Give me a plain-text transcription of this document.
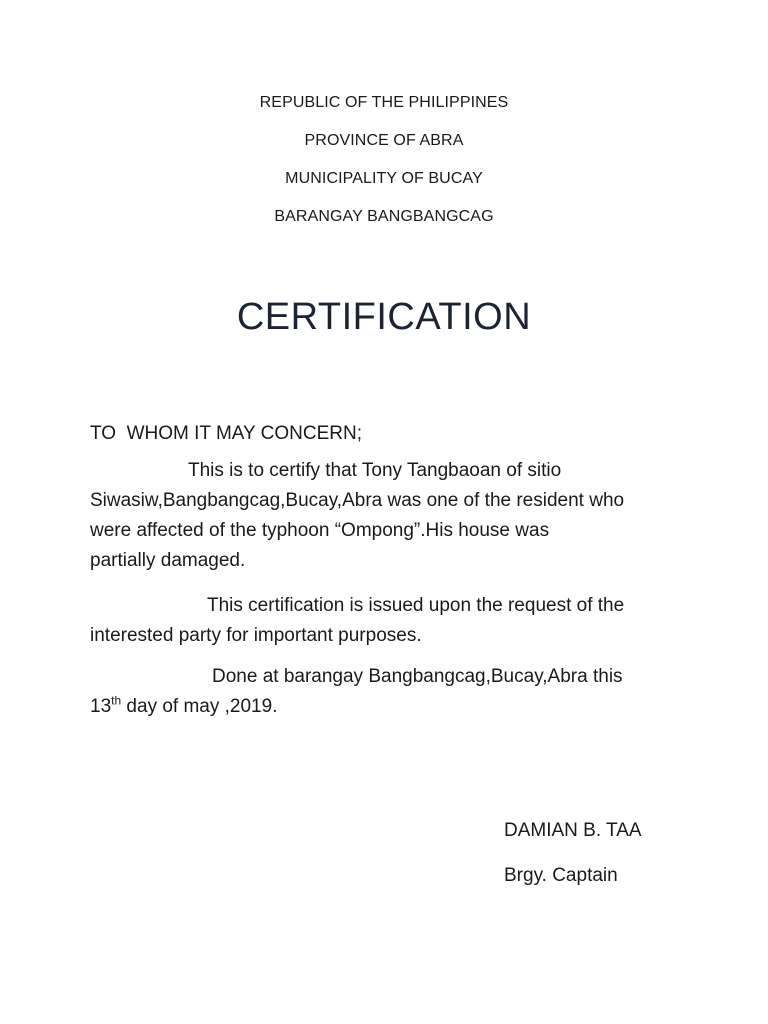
REPUBLIC OF THE PHILIPPINES
PROVINCE OF ABRA
MUNICIPALITY OF BUCAY
BARANGAY BANGBANGCAG
CERTIFICATION
TO  WHOM IT MAY CONCERN;
This is to certify that Tony Tangbaoan of sitio
Siwasiw,Bangbangcag,Bucay,Abra was one of the resident who
were affected of the typhoon “Ompong”.His house was
partially damaged.
This certification is issued upon the request of the
interested party for important purposes.
Done at barangay Bangbangcag,Bucay,Abra this
13th day of may ,2019.
DAMIAN B. TAA
Brgy. Captain
